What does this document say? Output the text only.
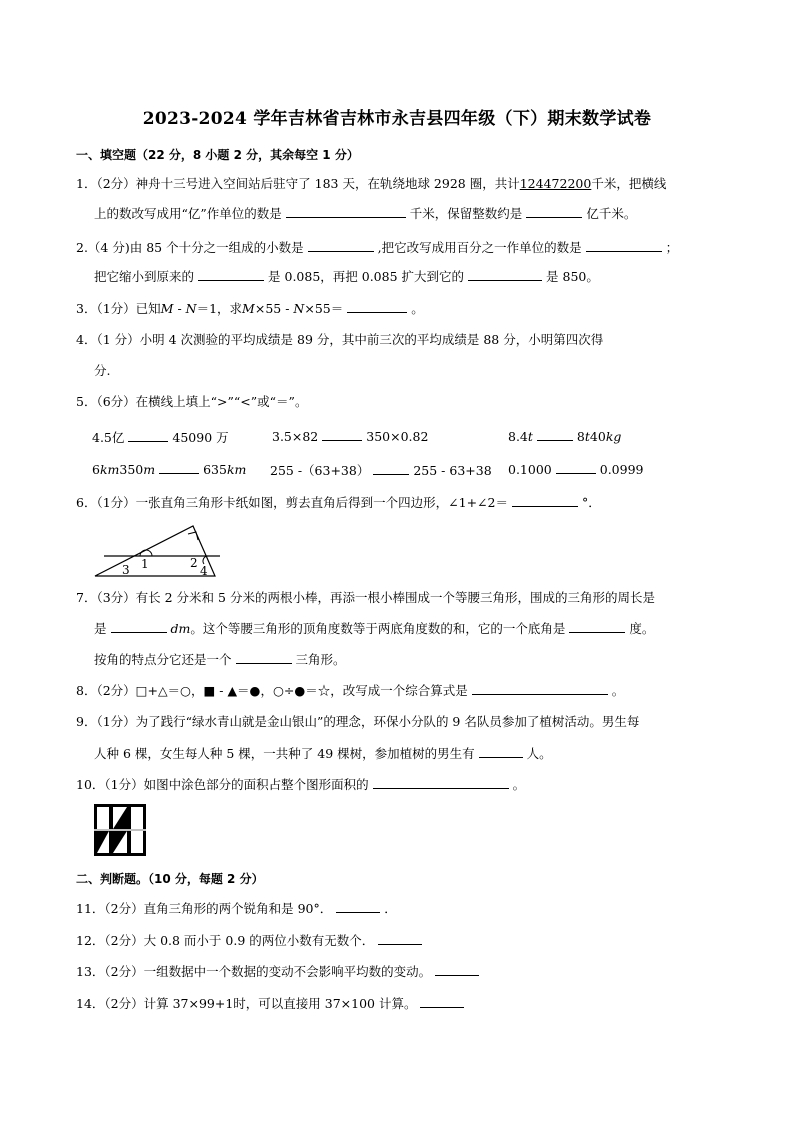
2023-2024 学年吉林省吉林市永吉县四年级（下）期末数学试卷
一、填空题（22 分，8 小题 2 分，其余每空 1 分）
1．（2分）神舟十三号进入空间站后驻守了 183 天，在轨绕地球 2928 圈，共计124472200千米，把横线
上的数改写成用“亿”作单位的数是	千米，保留整数约是	亿千米。
2.（4 分)由 85 个十分之一组成的小数是	,把它改写成用百分之一作单位的数是	；
把它缩小到原来的	是 0.085，再把 0.085 扩大到它的	是 850。
3．（1分）已知M - N＝1，求M×55 - N×55＝	。
4．（1 分）小明 4 次测验的平均成绩是 89 分，其中前三次的平均成绩是 88 分，小明第四次得
分.
5．（6分）在横线上填上“>”“<”或“＝”。
4.5亿	45090 万	3.5×82	350×0.82	8.4t	8t40kg
6km350m	635km 255 -（63+38）	255 - 63+38 0.1000	0.0999
6．（1分）一张直角三角形卡纸如图，剪去直角后得到一个四边形，∠1+∠2＝	°．
1	2
3	4
7．（3分）有长 2 分米和 5 分米的两根小棒，再添一根小棒围成一个等腰三角形，围成的三角形的周长是
是	dm。这个等腰三角形的顶角度数等于两底角度数的和，它的一个底角是	度。
按角的特点分它还是一个	三角形。
8．（2分）□+△＝○，■ - ▲＝●，○÷●＝☆，改写成一个综合算式是	。
9．（1分）为了践行“绿水青山就是金山银山”的理念，环保小分队的 9 名队员参加了植树活动。男生每
人种 6 棵，女生每人种 5 棵，一共种了 49 棵树，参加植树的男生有	人。
10．（1分）如图中涂色部分的面积占整个图形面积的	。
二、判断题。（10 分，每题 2 分）
11．（2分）直角三角形的两个锐角和是 90°．	．
12．（2分）大 0.8 而小于 0.9 的两位小数有无数个．
13．（2分）一组数据中一个数据的变动不会影响平均数的变动。
14．（2分）计算 37×99+1时，可以直接用 37×100 计算。
